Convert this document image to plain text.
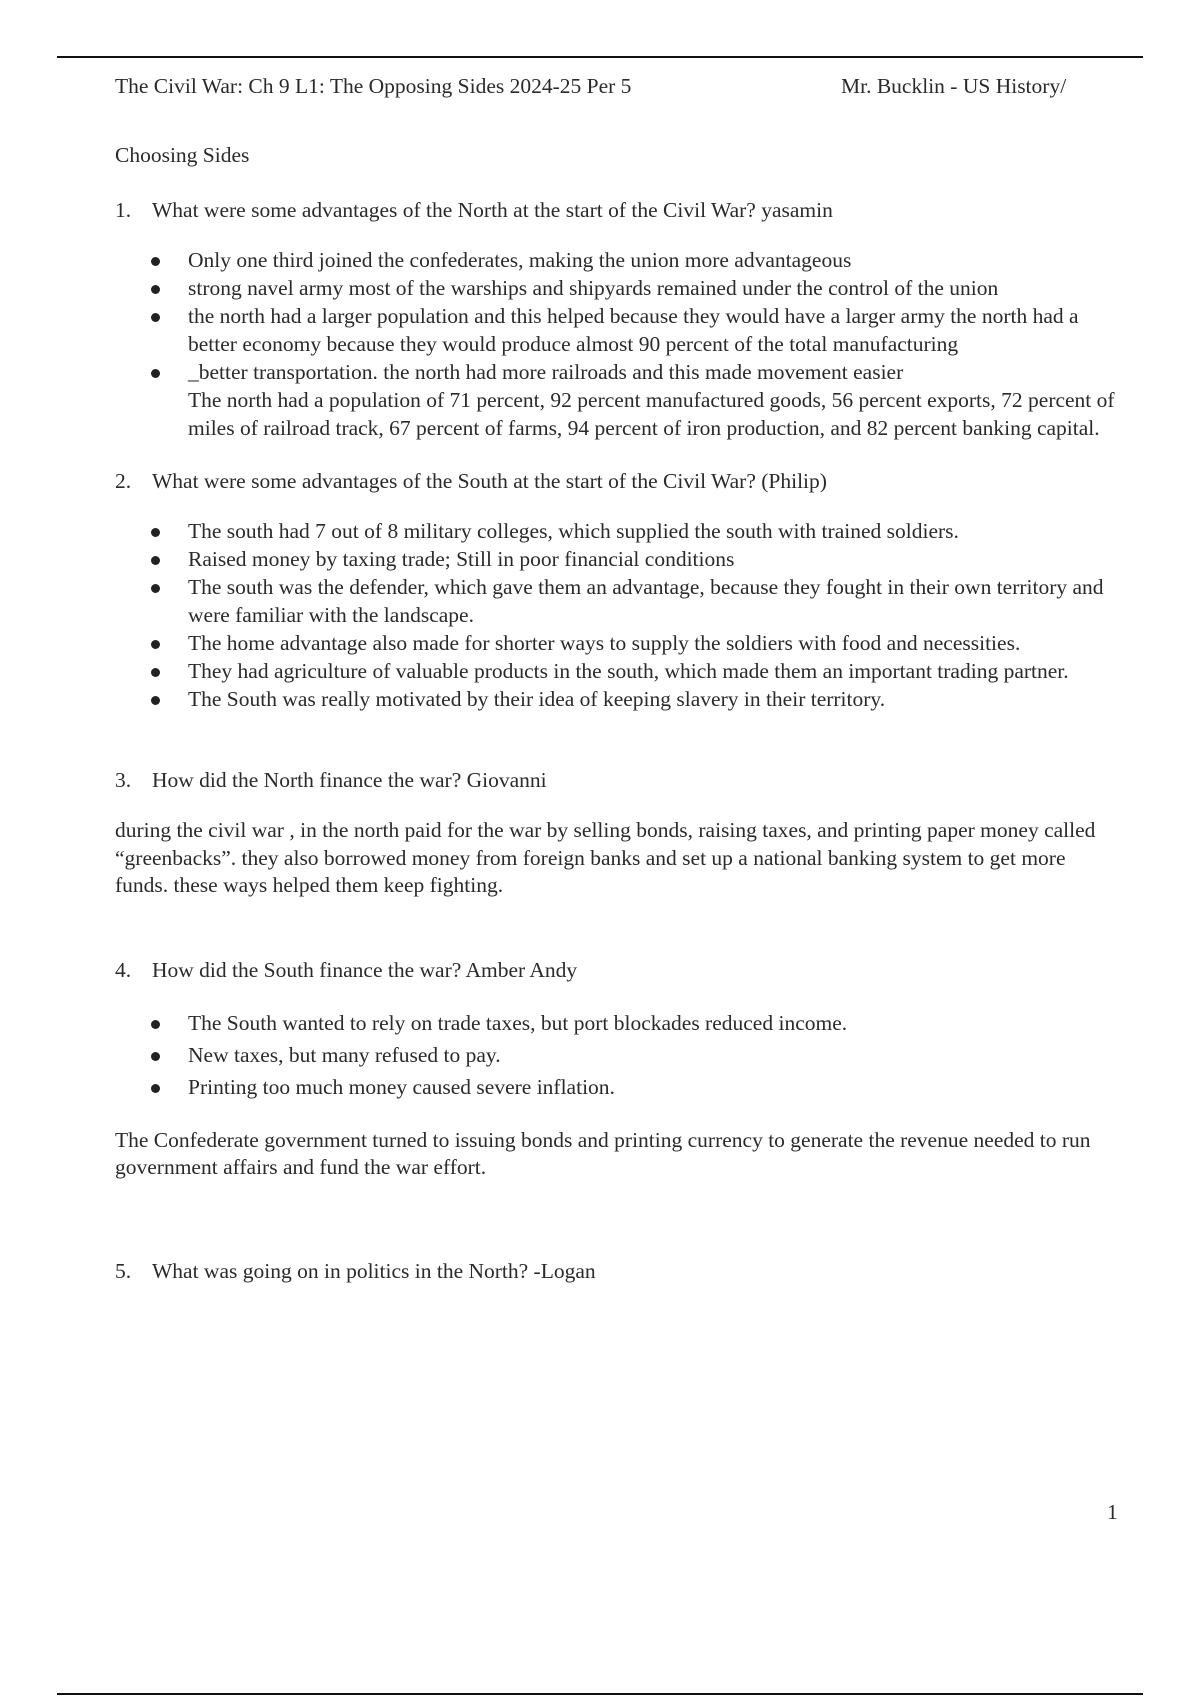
The Civil War: Ch 9 L1: The Opposing Sides 2024-25 Per 5	Mr. Bucklin - US History/

Choosing Sides

1. What were some advantages of the North at the start of the Civil War? yasamin

Only one third joined the confederates, making the union more advantageous
strong navel army most of the warships and shipyards remained under the control of the union
the north had a larger population and this helped because they would have a larger army the north had a better economy because they would produce almost 90 percent of the total manufacturing
_better transportation. the north had more railroads and this made movement easier
The north had a population of 71 percent, 92 percent manufactured goods, 56 percent exports, 72 percent of miles of railroad track, 67 percent of farms, 94 percent of iron production, and 82 percent banking capital.

2. What were some advantages of the South at the start of the Civil War? (Philip)

The south had 7 out of 8 military colleges, which supplied the south with trained soldiers.
Raised money by taxing trade; Still in poor financial conditions
The south was the defender, which gave them an advantage, because they fought in their own territory and were familiar with the landscape.
The home advantage also made for shorter ways to supply the soldiers with food and necessities.
They had agriculture of valuable products in the south, which made them an important trading partner.
The South was really motivated by their idea of keeping slavery in their territory.

3. How did the North finance the war? Giovanni

during the civil war , in the north paid for the war by selling bonds, raising taxes, and printing paper money called “greenbacks”. they also borrowed money from foreign banks and set up a national banking system to get more funds. these ways helped them keep fighting.

4. How did the South finance the war? Amber Andy

The South wanted to rely on trade taxes, but port blockades reduced income.
New taxes, but many refused to pay.
Printing too much money caused severe inflation.

The Confederate government turned to issuing bonds and printing currency to generate the revenue needed to run government affairs and fund the war effort.

5. What was going on in politics in the North? -Logan

1
